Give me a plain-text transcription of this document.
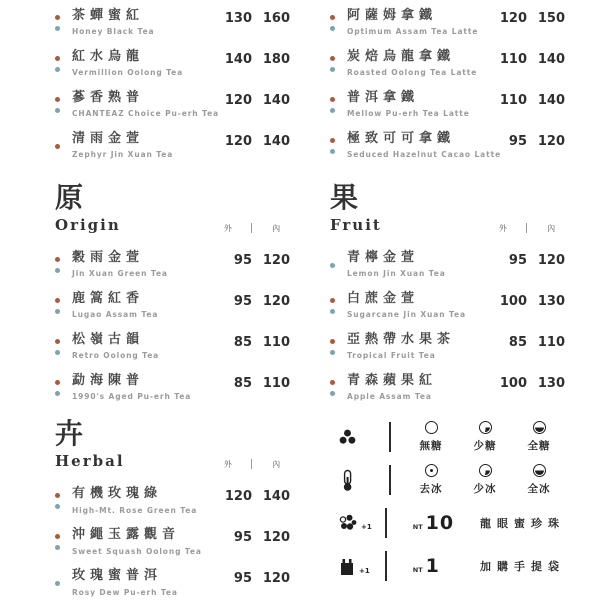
茶蟬蜜紅
Honey Black Tea
130 160
紅水烏龍
Vermillion Oolong Tea
140 180
蔘香熟普
CHANTEAZ Choice Pu-erh Tea
120 140
清雨金萱
Zephyr Jin Xuan Tea
120 140
原
Origin	外	內
穀雨金萱
Jin Xuan Green Tea
95 120
鹿篙紅香
Lugao Assam Tea
95 120
松嶺古韻
Retro Oolong Tea
85 110
勐海陳普
1990's Aged Pu-erh Tea
85 110
卉
Herbal	外	內
有機玫瑰綠
High-Mt. Rose Green Tea
120 140
沖繩玉露觀音
Sweet Squash Oolong Tea
95 120
玫瑰蜜普洱
Rosy Dew Pu-erh Tea
95 120
阿薩姆拿鐵
Optimum Assam Tea Latte
120 150
炭焙烏龍拿鐵
Roasted Oolong Tea Latte
110 140
普洱拿鐵
Mellow Pu-erh Tea Latte
110 140
極致可可拿鐵
Seduced Hazelnut Cacao Latte
95 120
果
Fruit	外	內
青檸金萱
Lemon Jin Xuan Tea
95 120
白蔗金萱
Sugarcane Jin Xuan Tea
100 130
亞熱帶水果茶
Tropical Fruit Tea
85 110
青森蘋果紅
Apple Assam Tea
100 130
無糖	少糖	全糖
去冰	少冰	全冰
+1	NT 10 龍眼蜜珍珠
+1	NT 1	加購手提袋
